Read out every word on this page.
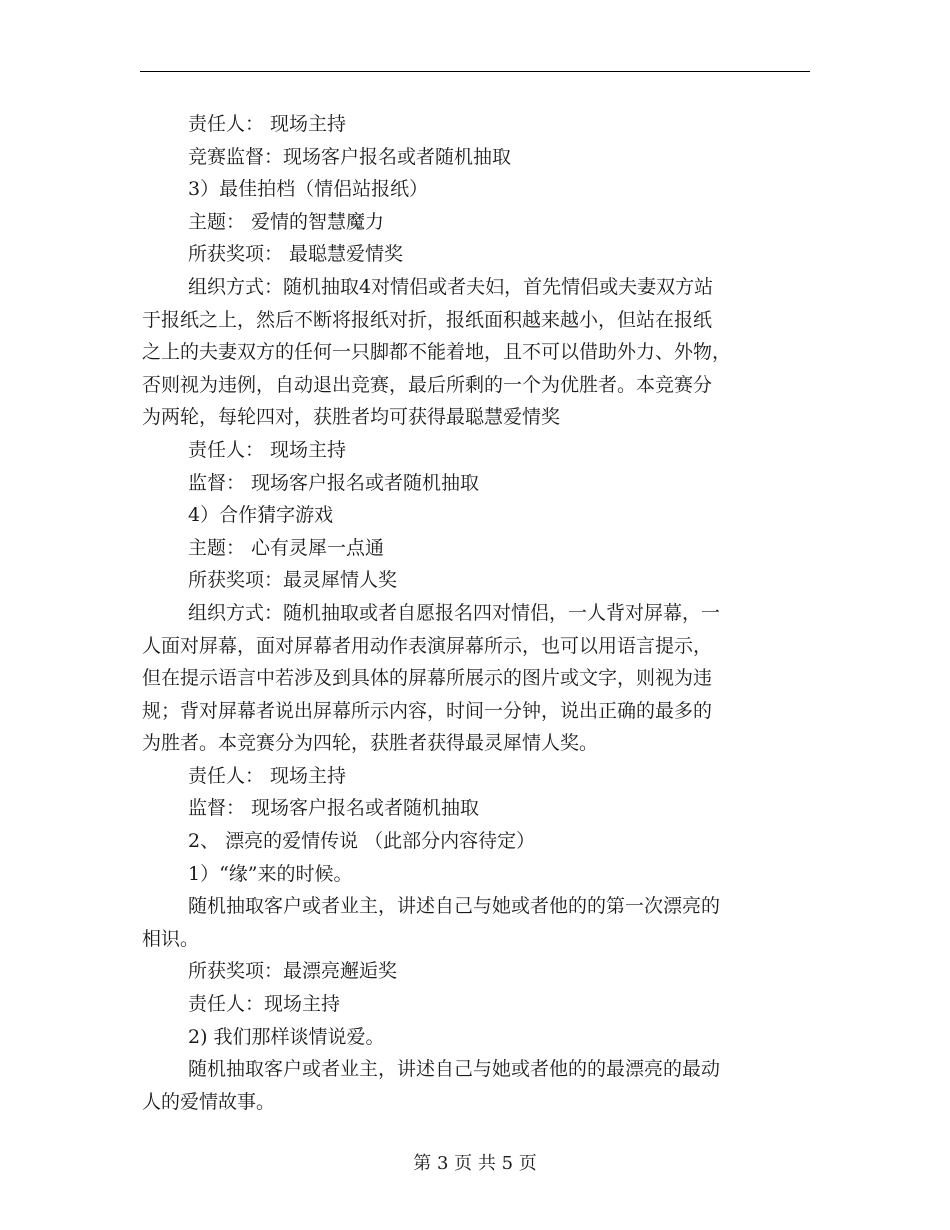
责任人： 现场主持

竞赛监督：现场客户报名或者随机抽取

3）最佳拍档（情侣站报纸）

主题： 爱情的智慧魔力

所获奖项： 最聪慧爱情奖

组织方式：随机抽取4对情侣或者夫妇，首先情侣或夫妻双方站

于报纸之上，然后不断将报纸对折，报纸面积越来越小，但站在报纸

之上的夫妻双方的任何一只脚都不能着地，且不可以借助外力、外物，

否则视为违例，自动退出竞赛，最后所剩的一个为优胜者。本竞赛分

为两轮，每轮四对，获胜者均可获得最聪慧爱情奖

责任人： 现场主持

监督： 现场客户报名或者随机抽取

4）合作猜字游戏

主题： 心有灵犀一点通

所获奖项：最灵犀情人奖

组织方式：随机抽取或者自愿报名四对情侣，一人背对屏幕，一

人面对屏幕，面对屏幕者用动作表演屏幕所示，也可以用语言提示，

但在提示语言中若涉及到具体的屏幕所展示的图片或文字，则视为违

规；背对屏幕者说出屏幕所示内容，时间一分钟，说出正确的最多的

为胜者。本竞赛分为四轮，获胜者获得最灵犀情人奖。

责任人： 现场主持

监督： 现场客户报名或者随机抽取

2、 漂亮的爱情传说 （此部分内容待定）

1）“缘”来的时候。

随机抽取客户或者业主，讲述自己与她或者他的的第一次漂亮的

相识。

所获奖项：最漂亮邂逅奖

责任人：现场主持

2) 我们那样谈情说爱。

随机抽取客户或者业主，讲述自己与她或者他的的最漂亮的最动

人的爱情故事。

第 3 页 共 5 页
